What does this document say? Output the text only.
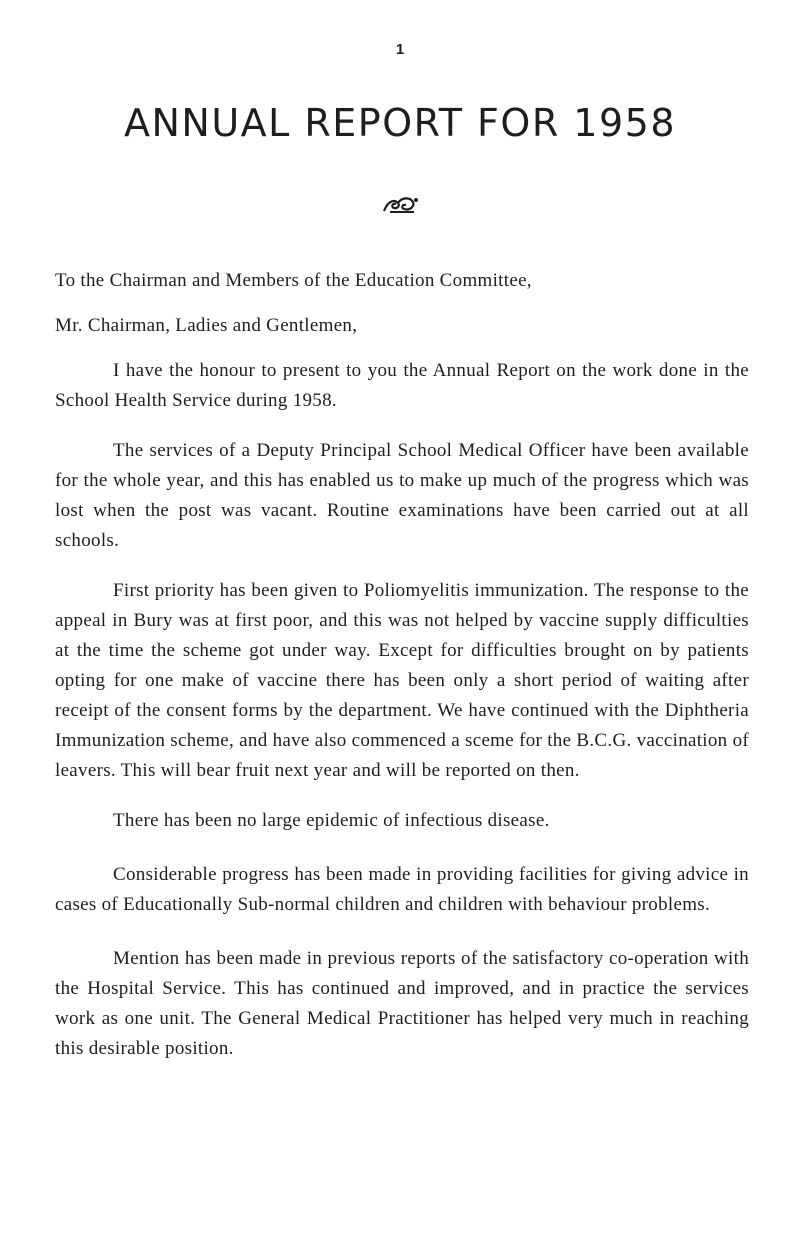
1
ANNUAL REPORT FOR 1958

To the Chairman and Members of the Education Committee,

Mr. Chairman, Ladies and Gentlemen,

I have the honour to present to you the Annual Report on the work done in the School Health Service during 1958.

The services of a Deputy Principal School Medical Officer have been available for the whole year, and this has enabled us to make up much of the progress which was lost when the post was vacant. Routine examinations have been carried out at all schools.

First priority has been given to Poliomyelitis immunization. The response to the appeal in Bury was at first poor, and this was not helped by vaccine supply difficulties at the time the scheme got under way. Except for difficulties brought on by patients opting for one make of vaccine there has been only a short period of waiting after receipt of the consent forms by the department. We have continued with the Diphtheria Immunization scheme, and have also commenced a sceme for the B.C.G. vaccination of leavers. This will bear fruit next year and will be reported on then.

There has been no large epidemic of infectious disease.

Considerable progress has been made in providing facilities for giving advice in cases of Educationally Sub-normal children and children with behaviour problems.

Mention has been made in previous reports of the satisfactory co-operation with the Hospital Service. This has continued and improved, and in practice the services work as one unit. The General Medical Practitioner has helped very much in reaching this desirable position.
